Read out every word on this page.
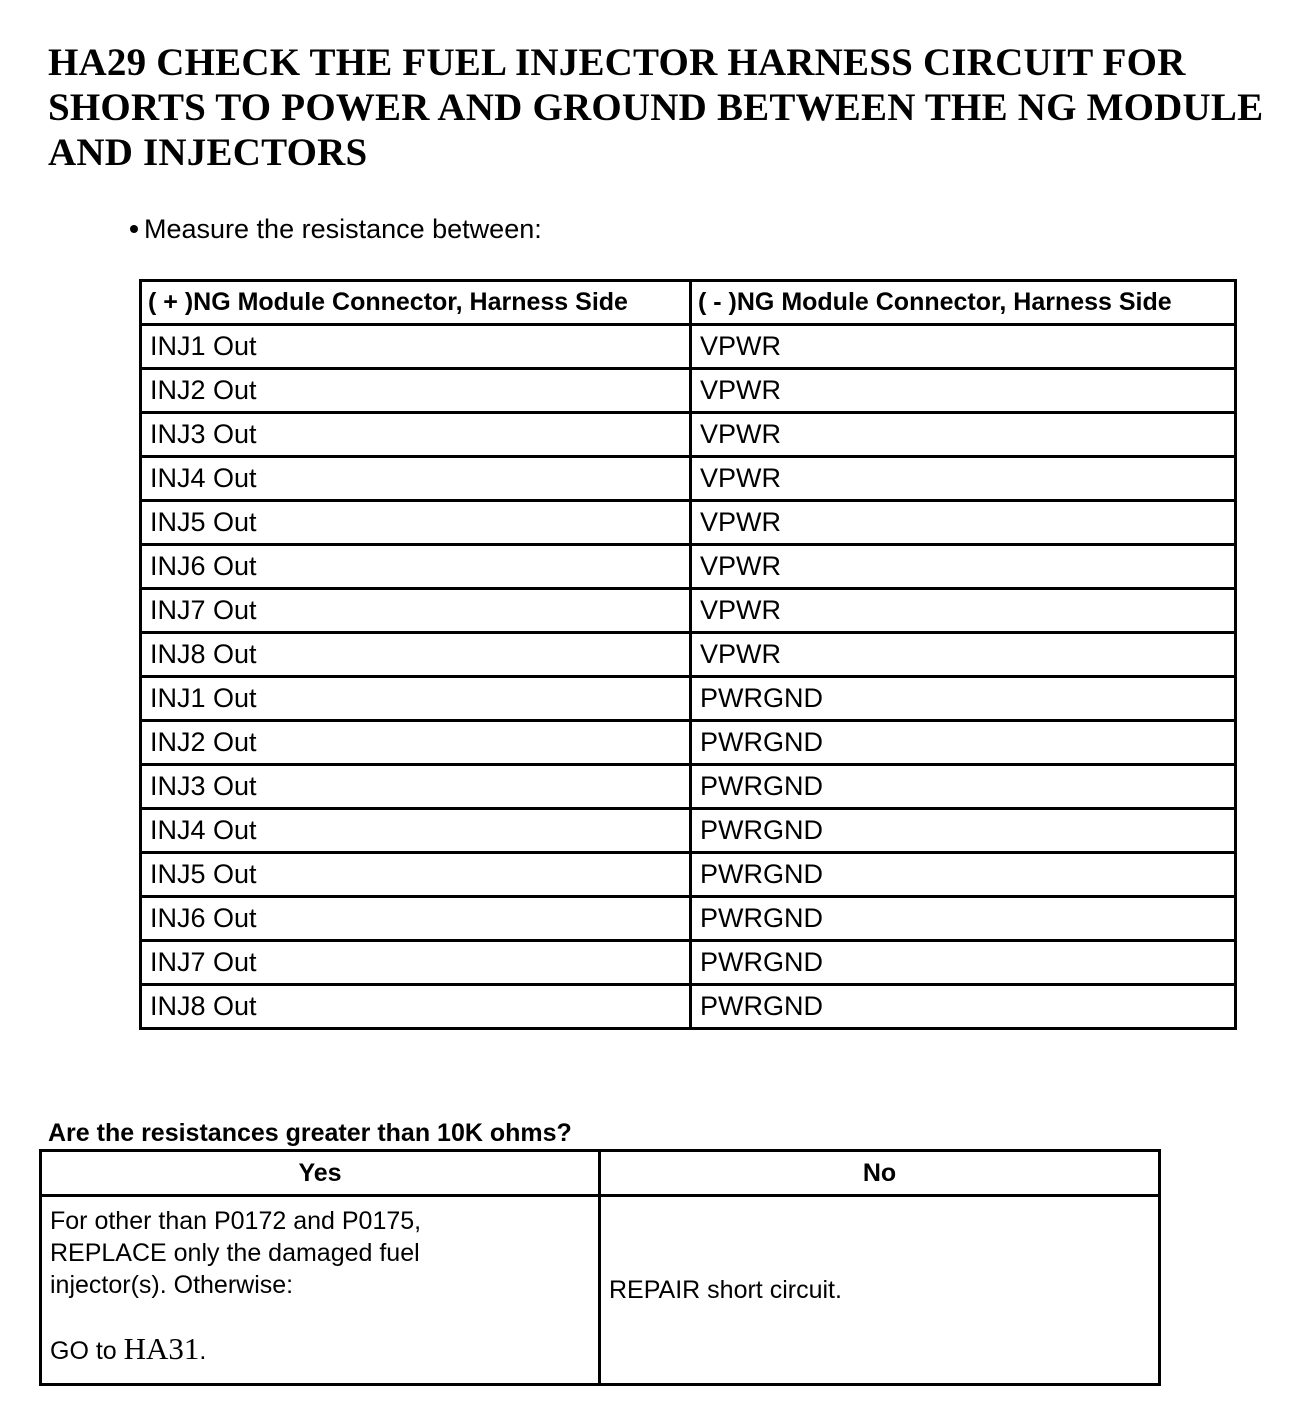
HA29 CHECK THE FUEL INJECTOR HARNESS CIRCUIT FOR SHORTS TO POWER AND GROUND BETWEEN THE NG MODULE AND INJECTORS
Measure the resistance between:
( + )NG Module Connector, Harness Side	( - )NG Module Connector, Harness Side
INJ1 Out	VPWR
INJ2 Out	VPWR
INJ3 Out	VPWR
INJ4 Out	VPWR
INJ5 Out	VPWR
INJ6 Out	VPWR
INJ7 Out	VPWR
INJ8 Out	VPWR
INJ1 Out	PWRGND
INJ2 Out	PWRGND
INJ3 Out	PWRGND
INJ4 Out	PWRGND
INJ5 Out	PWRGND
INJ6 Out	PWRGND
INJ7 Out	PWRGND
INJ8 Out	PWRGND
Are the resistances greater than 10K ohms?
Yes	No
For other than P0172 and P0175,
REPLACE only the damaged fuel
injector(s). Otherwise:
GO to HA31.	REPAIR short circuit.
